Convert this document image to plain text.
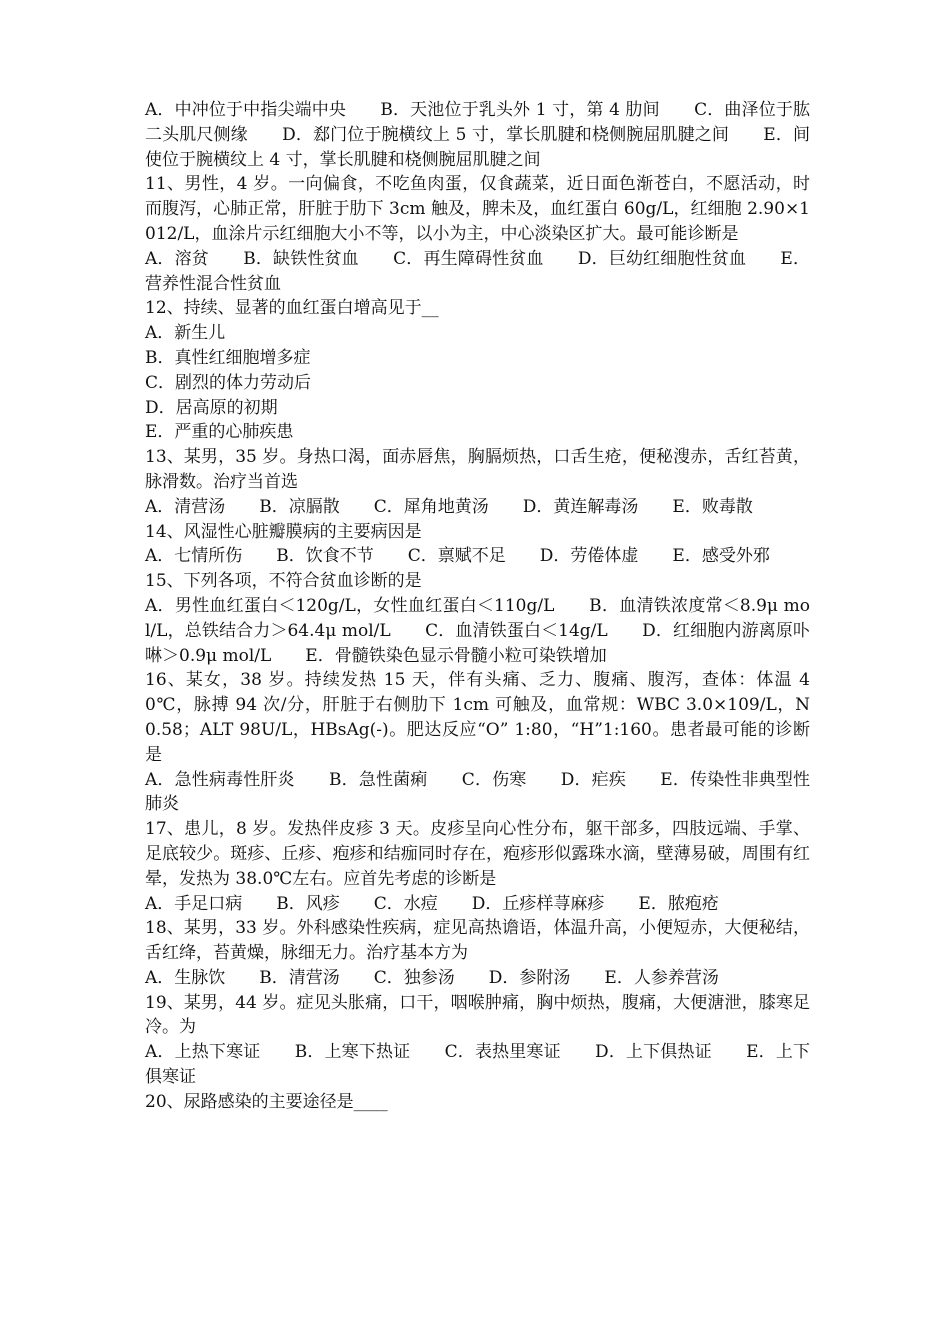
A．中冲位于中指尖端中央　　B．天池位于乳头外 1 寸，第 4 肋间　　C．曲泽位于肱二头肌尺侧缘　　D．郄门位于腕横纹上 5 寸，掌长肌腱和桡侧腕屈肌腱之间　　E．间使位于腕横纹上 4 寸，掌长肌腱和桡侧腕屈肌腱之间

11、男性，4 岁。一向偏食，不吃鱼肉蛋，仅食蔬菜，近日面色渐苍白，不愿活动，时而腹泻，心肺正常，肝脏于肋下 3cm 触及，脾未及，血红蛋白 60g/L，红细胞 2.90×1012/L，血涂片示红细胞大小不等，以小为主，中心淡染区扩大。最可能诊断是

A．溶贫　　B．缺铁性贫血　　C．再生障碍性贫血　　D．巨幼红细胞性贫血　　E．营养性混合性贫血

12、持续、显著的血红蛋白增高见于__

A．新生儿

B．真性红细胞增多症

C．剧烈的体力劳动后

D．居高原的初期

E．严重的心肺疾患

13、某男，35 岁。身热口渴，面赤唇焦，胸膈烦热，口舌生疮，便秘溲赤，舌红苔黄，脉滑数。治疗当首选

A．清营汤　　B．凉膈散　　C．犀角地黄汤　　D．黄连解毒汤　　E．败毒散

14、风湿性心脏瓣膜病的主要病因是

A．七情所伤　　B．饮食不节　　C．禀赋不足　　D．劳倦体虚　　E．感受外邪

15、下列各项，不符合贫血诊断的是

A．男性血红蛋白＜120g/L，女性血红蛋白＜110g/L　　B．血清铁浓度常＜8.9μ mol/L，总铁结合力＞64.4μ mol/L　　C．血清铁蛋白＜14g/L　　D．红细胞内游离原卟啉＞0.9μ mol/L　　E．骨髓铁染色显示骨髓小粒可染铁增加

16、某女，38 岁。持续发热 15 天，伴有头痛、乏力、腹痛、腹泻，查体：体温 40℃，脉搏 94 次/分，肝脏于右侧肋下 1cm 可触及，血常规：WBC 3.0×109/L，N 0.58；ALT 98U/L，HBsAg(-)。肥达反应“O” 1:80，“H”1:160。患者最可能的诊断是

A．急性病毒性肝炎　　B．急性菌痢　　C．伤寒　　D．疟疾　　E．传染性非典型性肺炎

17、患儿，8 岁。发热伴皮疹 3 天。皮疹呈向心性分布，躯干部多，四肢远端、手掌、足底较少。斑疹、丘疹、疱疹和结痂同时存在，疱疹形似露珠水滴，壁薄易破，周围有红晕，发热为 38.0℃左右。应首先考虑的诊断是

A．手足口病　　B．风疹　　C．水痘　　D．丘疹样荨麻疹　　E．脓疱疮

18、某男，33 岁。外科感染性疾病，症见高热谵语，体温升高，小便短赤，大便秘结，舌红绛，苔黄燥，脉细无力。治疗基本方为

A．生脉饮　　B．清营汤　　C．独参汤　　D．参附汤　　E．人参养营汤

19、某男，44 岁。症见头胀痛，口干，咽喉肿痛，胸中烦热，腹痛，大便溏泄，膝寒足冷。为

A．上热下寒证　　B．上寒下热证　　C．表热里寒证　　D．上下俱热证　　E．上下俱寒证

20、尿路感染的主要途径是____
